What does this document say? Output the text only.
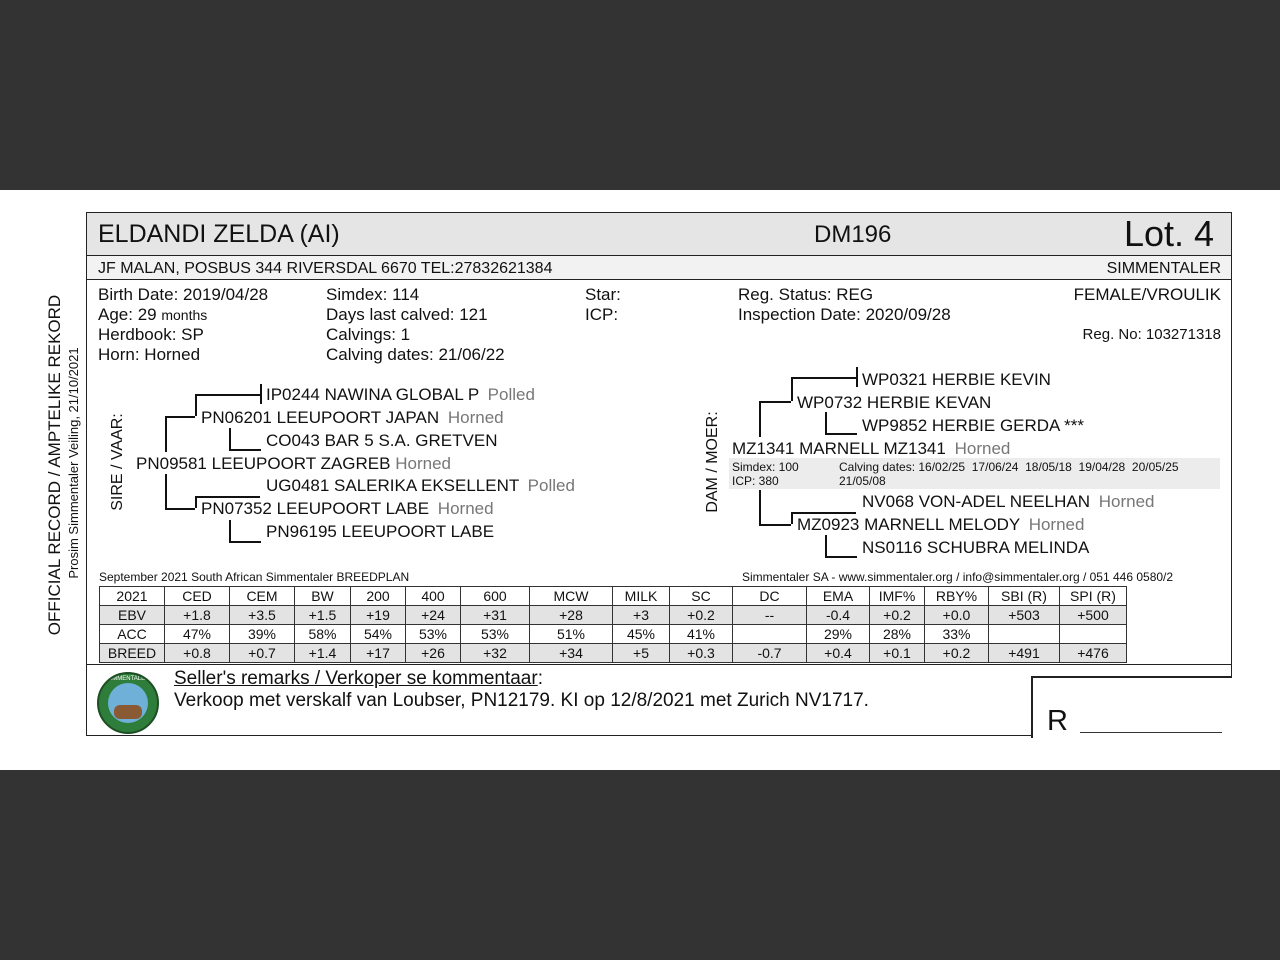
OFFICIAL RECORD / AMPTELIKE REKORD Prosim Simmentaler Veiling, 21/10/2021
ELDANDI ZELDA (AI)	DM196	Lot. 4
JF MALAN, POSBUS 344 RIVERSDAL 6670 TEL:27832621384	SIMMENTALER
Birth Date: 2019/04/28
Age: 29 months
Herdbook: SP
Horn: Horned
Simdex: 114
Days last calved: 121
Calvings: 1
Calving dates: 21/06/22
Star:
ICP:
Reg. Status: REG
Inspection Date: 2020/09/28
FEMALE/VROULIK
Reg. No: 103271318
SIRE / VAAR:
IP0244 NAWINA GLOBAL P Polled
PN06201 LEEUPOORT JAPAN Horned
CO043 BAR 5 S.A. GRETVEN
PN09581 LEEUPOORT ZAGREB Horned
UG0481 SALERIKA EKSELLENT Polled
PN07352 LEEUPOORT LABE Horned
PN96195 LEEUPOORT LABE
DAM / MOER:
WP0321 HERBIE KEVIN
WP0732 HERBIE KEVAN
WP9852 HERBIE GERDA ***
MZ1341 MARNELL MZ1341 Horned
Simdex: 100
ICP: 380
Calving dates: 16/02/25  17/06/24  18/05/18  19/04/28  20/05/25
21/05/08
NV068 VON-ADEL NEELHAN Horned
MZ0923 MARNELL MELODY Horned
NS0116 SCHUBRA MELINDA
September 2021 South African Simmentaler BREEDPLAN	Simmentaler SA - www.simmentaler.org / info@simmentaler.org / 051 446 0580/2
2021	CED	CEM	BW	200	400	600	MCW	MILK	SC	DC	EMA	IMF%	RBY%	SBI (R)	SPI (R)
EBV	+1.8	+3.5	+1.5	+19	+24	+31	+28	+3	+0.2	--	-0.4	+0.2	+0.0	+503	+500
ACC	47%	39%	58%	54%	53%	53%	51%	45%	41%		29%	28%	33%		
BREED	+0.8	+0.7	+1.4	+17	+26	+32	+34	+5	+0.3	-0.7	+0.4	+0.1	+0.2	+491	+476
SIMMENTALER	Seller's remarks / Verkoper se kommentaar:
Verkoop met verskalf van Loubser, PN12179. KI op 12/8/2021 met Zurich NV1717.
R
